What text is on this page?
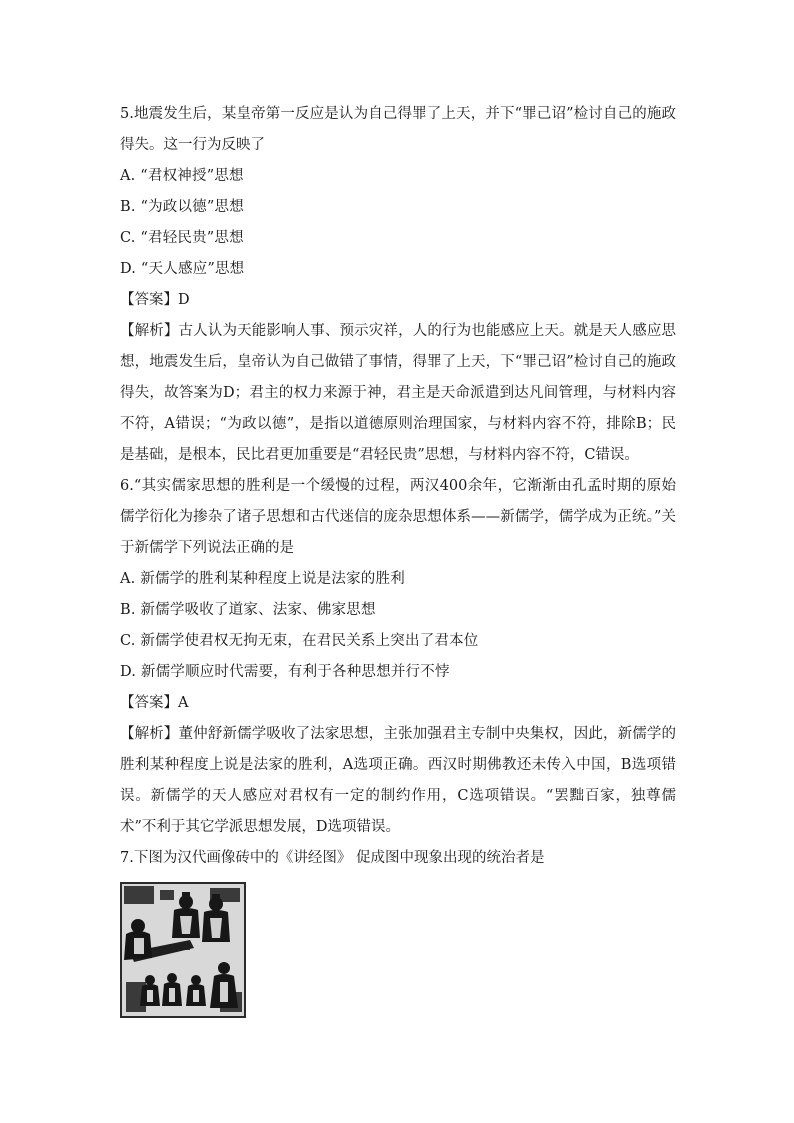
5.地震发生后，某皇帝第一反应是认为自己得罪了上天，并下“罪己诏”检讨自己的施政得失。这一行为反映了

A. “君权神授”思想

B. “为政以德”思想

C. “君轻民贵”思想

D. “天人感应”思想

【答案】D

【解析】古人认为天能影响人事、预示灾祥，人的行为也能感应上天。就是天人感应思想，地震发生后，皇帝认为自己做错了事情，得罪了上天，下“罪己诏”检讨自己的施政得失，故答案为D；君主的权力来源于神，君主是天命派遣到达凡间管理，与材料内容不符，A错误；“为政以德”，是指以道德原则治理国家，与材料内容不符，排除B；民是基础，是根本，民比君更加重要是“君轻民贵”思想，与材料内容不符，C错误。

6.“其实儒家思想的胜利是一个缓慢的过程，两汉400余年，它渐渐由孔孟时期的原始儒学衍化为掺杂了诸子思想和古代迷信的庞杂思想体系——新儒学，儒学成为正统。”关于新儒学下列说法正确的是

A. 新儒学的胜利某种程度上说是法家的胜利

B. 新儒学吸收了道家、法家、佛家思想

C. 新儒学使君权无拘无束，在君民关系上突出了君本位

D. 新儒学顺应时代需要，有利于各种思想并行不悖

【答案】A

【解析】董仲舒新儒学吸收了法家思想，主张加强君主专制中央集权，因此，新儒学的胜利某种程度上说是法家的胜利，A选项正确。西汉时期佛教还未传入中国，B选项错误。新儒学的天人感应对君权有一定的制约作用，C选项错误。“罢黜百家，独尊儒术”不利于其它学派思想发展，D选项错误。

7.下图为汉代画像砖中的《讲经图》 促成图中现象出现的统治者是
